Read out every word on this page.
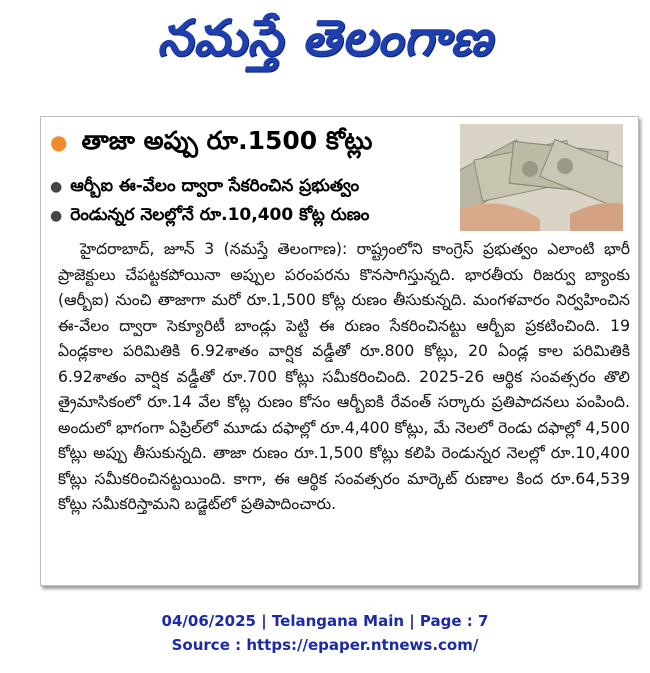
నమస్తే తెలంగాణ
● తాజా అప్పు రూ.1500 కోట్లు
● ఆర్బీఐ ఈ-వేలం ద్వారా సేకరించిన ప్రభుత్వం
● రెండున్నర నెలల్లోనే రూ.10,400 కోట్ల రుణం

హైదరాబాద్, జూన్ 3 (నమస్తే తెలంగాణ): రాష్ట్రంలోని కాంగ్రెస్ ప్రభుత్వం ఎలాంటి భారీ ప్రాజెక్టులు చేపట్టకపోయినా అప్పుల పరంపరను కొనసాగిస్తున్నది. భారతీయ రిజర్వు బ్యాంకు (ఆర్బీఐ) నుంచి తాజాగా మరో రూ.1,500 కోట్ల రుణం తీసుకున్నది. మంగళవారం నిర్వహించిన ఈ-వేలం ద్వారా సెక్యూరిటీ బాండ్లు పెట్టి ఈ రుణం సేకరించినట్టు ఆర్బీఐ ప్రకటించింది. 19 ఏండ్లకాల పరిమితికి 6.92శాతం వార్షిక వడ్డీతో రూ.800 కోట్లు, 20 ఏండ్ల కాల పరిమితికి 6.92శాతం వార్షిక వడ్డీతో రూ.700 కోట్లు సమీకరించింది. 2025-26 ఆర్థిక సంవత్సరం తొలి త్రైమాసికంలో రూ.14 వేల కోట్ల రుణం కోసం ఆర్బీఐకి రేవంత్ సర్కారు ప్రతిపాదనలు పంపింది. అందులో భాగంగా ఏప్రిల్‌లో మూడు దఫాల్లో రూ.4,400 కోట్లు, మే నెలలో రెండు దఫాల్లో 4,500 కోట్లు అప్పు తీసుకున్నది. తాజా రుణం రూ.1,500 కోట్లు కలిపి రెండున్నర నెలల్లో రూ.10,400 కోట్లు సమీకరించినట్టయింది. కాగా, ఈ ఆర్థిక సంవత్సరం మార్కెట్ రుణాల కింద రూ.64,539 కోట్లు సమీకరిస్తామని బడ్జెట్‌లో ప్రతిపాదించారు.

04/06/2025 | Telangana Main | Page : 7
Source : https://epaper.ntnews.com/
